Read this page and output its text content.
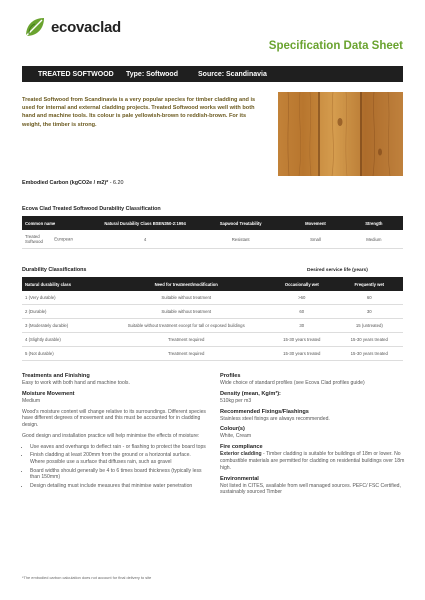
ecovaclad
Specification Data Sheet
TREATED SOFTWOOD	Type: Softwood	Source: Scandinavia
Treated Softwood from Scandinavia is a very popular species for timber cladding and is used for internal and external cladding projects. Treated Softwood works well with both hand and machine tools. Its colour is pale yellowish-brown to reddish-brown. For its weight, the timber is strong.
Embodied Carbon (kgCO2e / m2)* - 6.20
Ecova Clad Treated Softwood Durability Classification
Common name	Natural Durability Class BSEN350-2:1994	Sapwood Treatability	Movement	Strength
Treated Softwood European	4	Resistant	Small	Medium
Durability Classifications	Desired service life (years)
Natural durability class	Need for treatment/modification	Occasionally wet	Frequently wet
1 (Very durable)	Suitable without treatment	>60	60
2 (Durable)	Suitable without treatment	60	30
3 (Moderately durable)	Suitable without treatment except for tall or exposed buildings	30	15 (untreated)
4 (Slightly durable)	Treatment required	15-30 years treated	15-30 years treated
5 (Not durable)	Treatment required	15-30 years treated	15-30 years treated
Treatments and Finishing
Easy to work with both hand and machine tools.
Moisture Movement
Medium
Wood's moisture content will change relative to its surroundings. Different species have different degrees of movement and this must be accounted for in cladding design.
Good design and installation practice will help minimise the effects of moisture:
• Use eaves and overhangs to deflect rain - or flashing to protect the board tops
• Finish cladding at least 200mm from the ground or a horizontal surface. Where possible use a surface that diffuses rain, such as gravel
• Board widths should generally be 4 to 6 times board thickness (typically less than 150mm)
• Design detailing must include measures that minimise water penetration
Profiles
Wide choice of standard profiles (see Ecova Clad profiles guide)
Density (mean, Kg/m³):
510kg per m3
Recommended Fixings/Flashings
Stainless steel fixings are always recommended.
Colour(s)
White, Cream
Fire compliance
Exterior cladding - Timber cladding is suitable for buildings of 18m or lower. No combustible materials are permitted for cladding on residential buildings over 18m high.
Environmental
Not listed in CITES, available from well managed sources. PEFC/ FSC Certified, sustainably sourced Timber
*The embodied carbon calculation does not account for final delivery to site
